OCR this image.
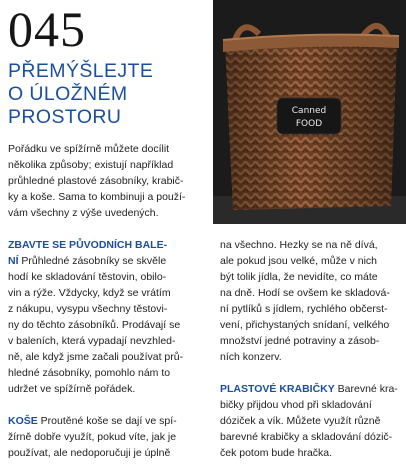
045
PŘEMÝŠLEJTE
O ÚLOŽNÉM
PROSTORU
Pořádku ve spížírně můžete docílit
několika způsoby; existují například
průhledné plastové zásobníky, krabič-
ky a koše. Sama to kombinuji a použí-
vám všechny z výše uvedených.
Canned
FOOD
ZBAVTE SE PŮVODNÍCH BALE-
NÍ Průhledné zásobníky se skvěle
hodí ke skladování těstovin, obilo-
vin a rýže. Vždycky, když se vrátím
z nákupu, vysypu všechny těstovi-
ny do těchto zásobníků. Prodávají se
v baleních, která vypadají nevzhled-
ně, ale když jsme začali používat prů-
hledné zásobníky, pomohlo nám to
udržet ve spížírně pořádek.
KOŠE Proutěné koše se dají ve spí-
žírně dobře využít, pokud víte, jak je
používat, ale nedoporučuji je úplně
na všechno. Hezky se na ně dívá,
ale pokud jsou velké, může v nich
být tolik jídla, že nevidíte, co máte
na dně. Hodí se ovšem ke skladová-
ní pytlíků s jídlem, rychlého občerst-
vení, přichystaných snídaní, velkého
množství jedné potraviny a zásob-
ních konzerv.
PLASTOVÉ KRABIČKY Barevné kra-
bičky přijdou vhod při skladování
dóziček a vík. Můžete využít různě
barevné krabičky a skladování dózič-
ček potom bude hračka.
